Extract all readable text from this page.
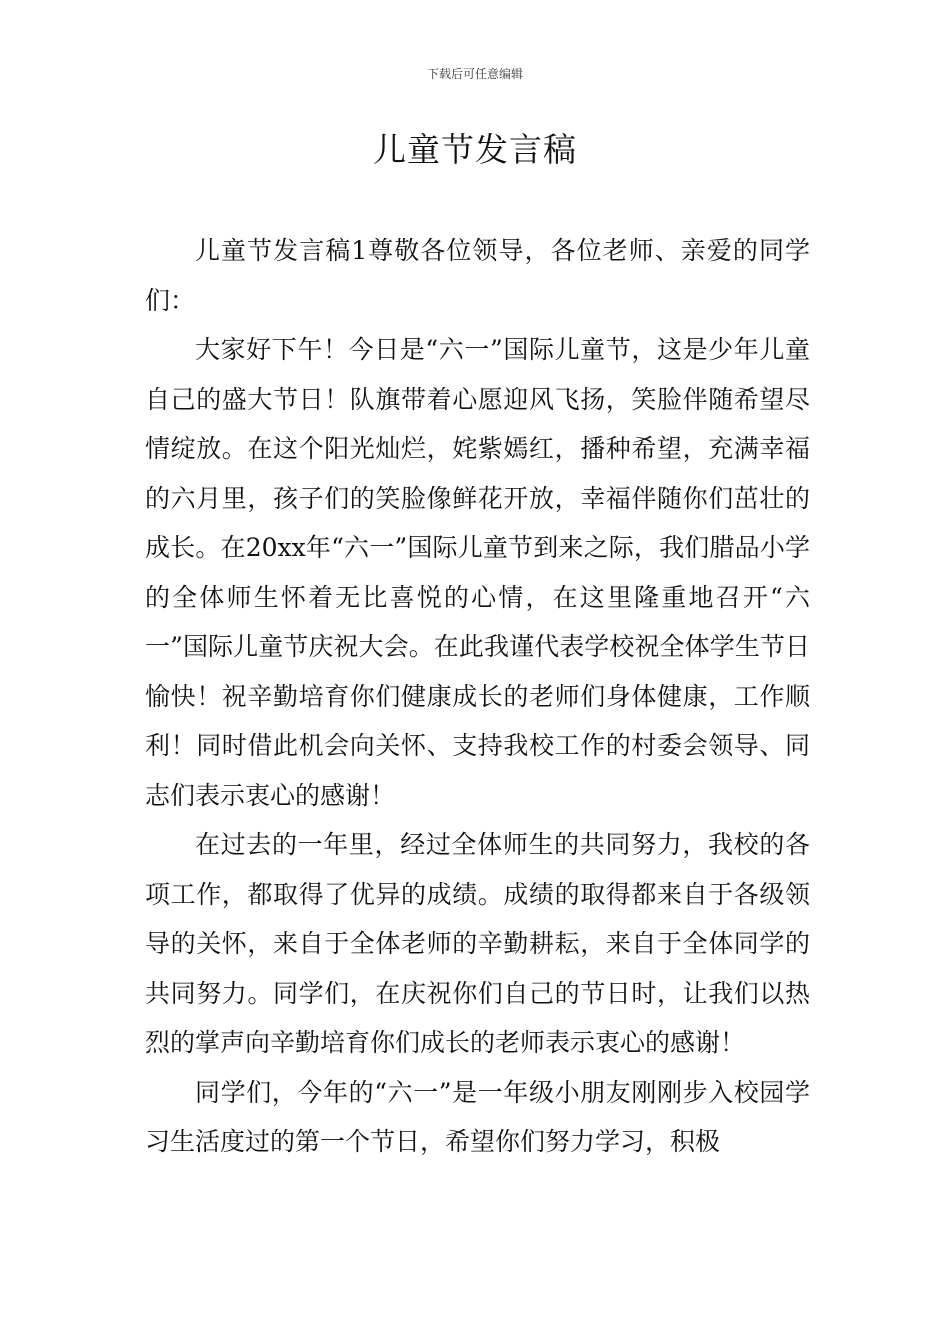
下载后可任意编辑
儿童节发言稿

儿童节发言稿1尊敬各位领导，各位老师、亲爱的同学们：

大家好下午！今日是“六一”国际儿童节，这是少年儿童自己的盛大节日！队旗带着心愿迎风飞扬，笑脸伴随希望尽情绽放。在这个阳光灿烂，姹紫嫣红，播种希望，充满幸福的六月里，孩子们的笑脸像鲜花开放，幸福伴随你们茁壮的成长。在20xx年“六一”国际儿童节到来之际，我们腊品小学的全体师生怀着无比喜悦的心情，在这里隆重地召开“六一”国际儿童节庆祝大会。在此我谨代表学校祝全体学生节日愉快！祝辛勤培育你们健康成长的老师们身体健康，工作顺利！同时借此机会向关怀、支持我校工作的村委会领导、同志们表示衷心的感谢！

在过去的一年里，经过全体师生的共同努力，我校的各项工作，都取得了优异的成绩。成绩的取得都来自于各级领导的关怀，来自于全体老师的辛勤耕耘，来自于全体同学的共同努力。同学们，在庆祝你们自己的节日时，让我们以热烈的掌声向辛勤培育你们成长的老师表示衷心的感谢！

同学们，今年的“六一”是一年级小朋友刚刚步入校园学习生活度过的第一个节日，希望你们努力学习，积极
